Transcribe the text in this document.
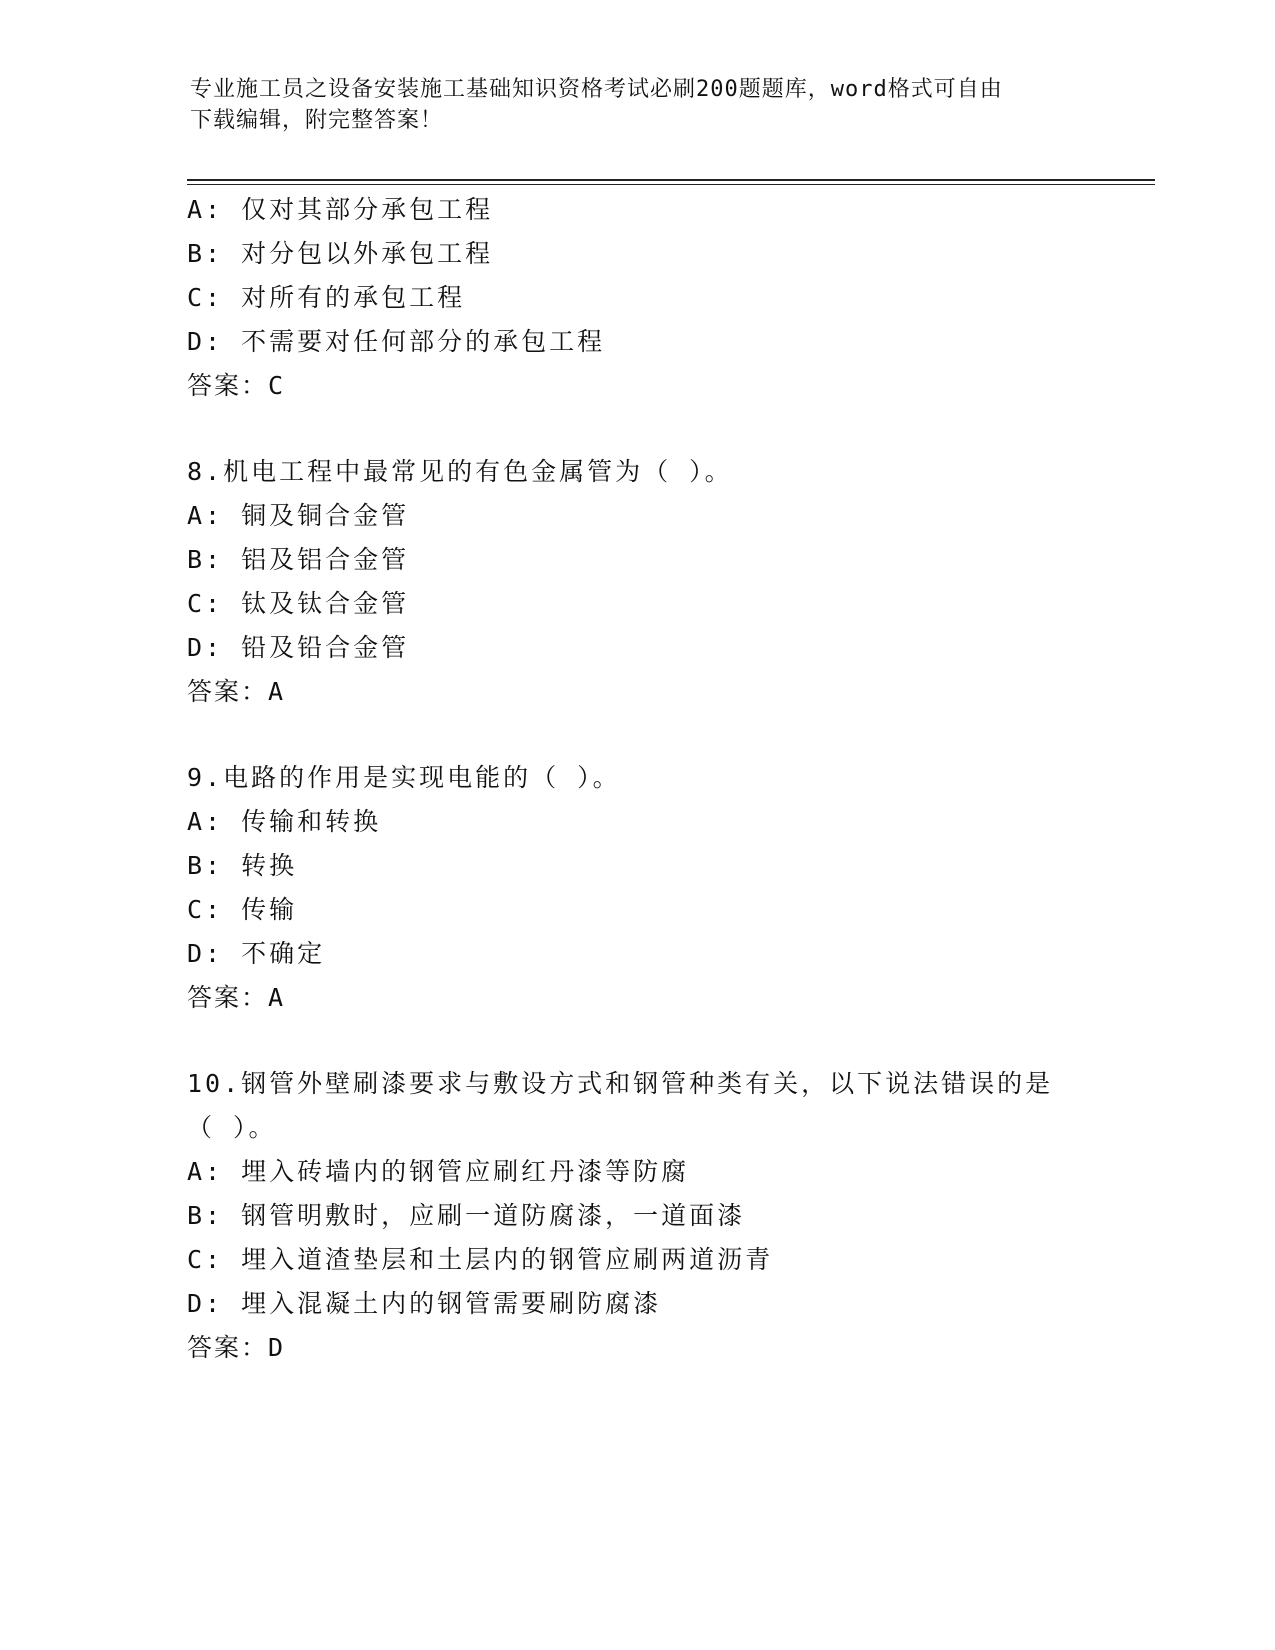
专业施工员之设备安装施工基础知识资格考试必刷200题题库，word格式可自由
下载编辑，附完整答案！
A: 仅对其部分承包工程
B: 对分包以外承包工程
C: 对所有的承包工程
D: 不需要对任何部分的承包工程
答案：C
8.机电工程中最常见的有色金属管为（ ）。
A: 铜及铜合金管
B: 铝及铝合金管
C: 钛及钛合金管
D: 铅及铅合金管
答案：A
9.电路的作用是实现电能的（ ）。
A: 传输和转换
B: 转换
C: 传输
D: 不确定
答案：A
10.钢管外壁刷漆要求与敷设方式和钢管种类有关，以下说法错误的是
（ ）。
A: 埋入砖墙内的钢管应刷红丹漆等防腐
B: 钢管明敷时，应刷一道防腐漆，一道面漆
C: 埋入道渣垫层和土层内的钢管应刷两道沥青
D: 埋入混凝土内的钢管需要刷防腐漆
答案：D
